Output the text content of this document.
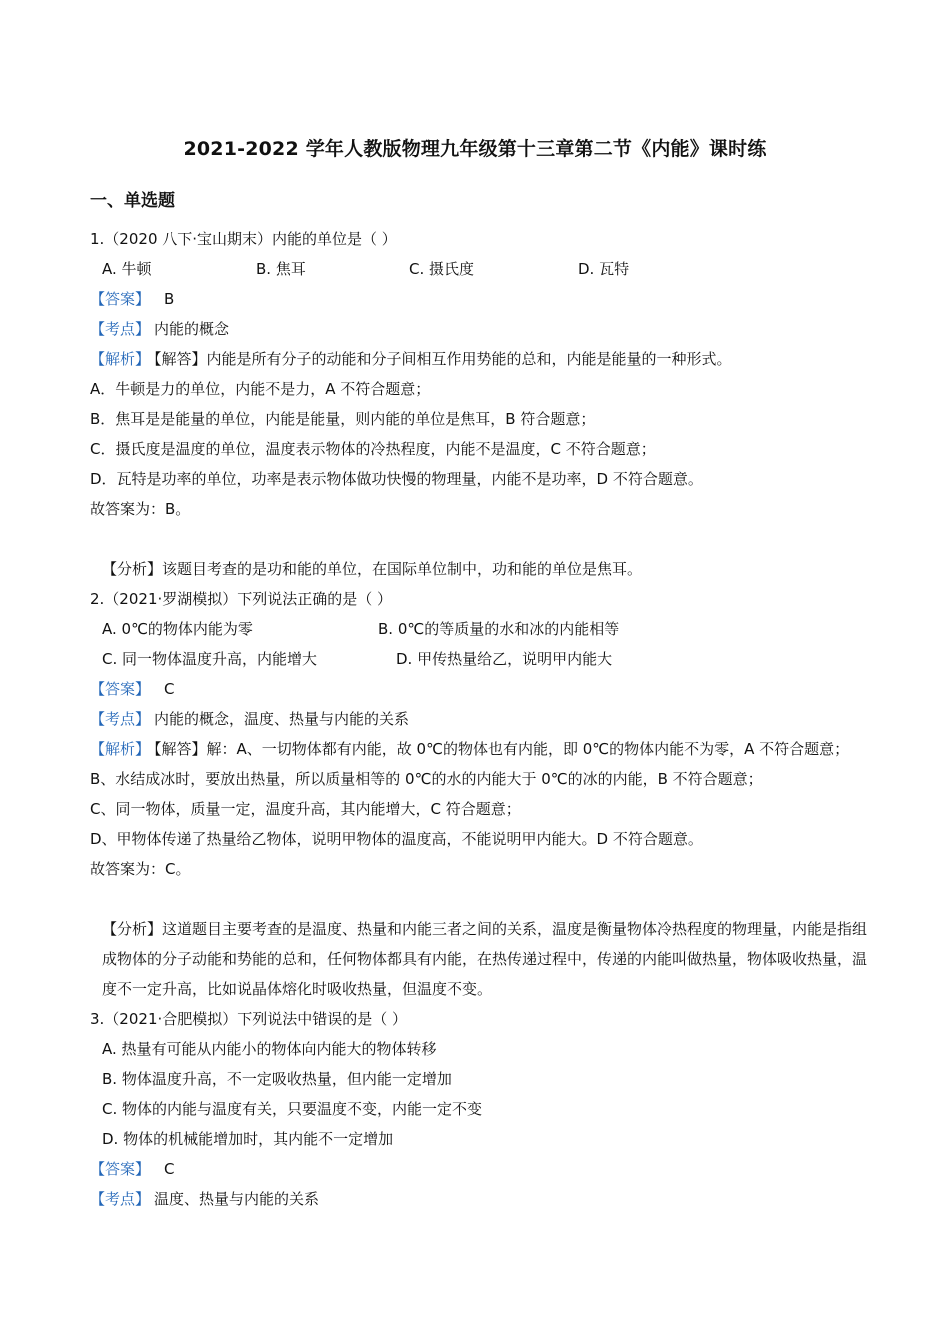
2021-2022 学年人教版物理九年级第十三章第二节《内能》课时练
一、单选题
1.（2020 八下·宝山期末）内能的单位是（ ）
A. 牛顿	B. 焦耳	C. 摄氏度	D. 瓦特
【答案】 B
【考点】 内能的概念
【解析】 【解答】内能是所有分子的动能和分子间相互作用势能的总和，内能是能量的一种形式。
A．牛顿是力的单位，内能不是力，A 不符合题意；
B．焦耳是是能量的单位，内能是能量，则内能的单位是焦耳，B 符合题意；
C．摄氏度是温度的单位，温度表示物体的冷热程度，内能不是温度，C 不符合题意；
D．瓦特是功率的单位，功率是表示物体做功快慢的物理量，内能不是功率，D 不符合题意。
故答案为：B。
【分析】该题目考查的是功和能的单位，在国际单位制中，功和能的单位是焦耳。
2.（2021·罗湖模拟）下列说法正确的是（ ）
A. 0℃的物体内能为零	B. 0℃的等质量的水和冰的内能相等
C. 同一物体温度升高，内能增大	D. 甲传热量给乙，说明甲内能大
【答案】 C
【考点】 内能的概念，温度、热量与内能的关系
【解析】 【解答】解：A、一切物体都有内能，故 0℃的物体也有内能，即 0℃的物体内能不为零，A 不符合题意；
B、水结成冰时，要放出热量，所以质量相等的 0℃的水的内能大于 0℃的冰的内能，B 不符合题意；
C、同一物体，质量一定，温度升高，其内能增大，C 符合题意；
D、甲物体传递了热量给乙物体，说明甲物体的温度高，不能说明甲内能大。D 不符合题意。
故答案为：C。
【分析】这道题目主要考查的是温度、热量和内能三者之间的关系，温度是衡量物体冷热程度的物理量，内能是指组成物体的分子动能和势能的总和，任何物体都具有内能，在热传递过程中，传递的内能叫做热量，物体吸收热量，温度不一定升高，比如说晶体熔化时吸收热量，但温度不变。
3.（2021·合肥模拟）下列说法中错误的是（ ）
A. 热量有可能从内能小的物体向内能大的物体转移
B. 物体温度升高，不一定吸收热量，但内能一定增加
C. 物体的内能与温度有关，只要温度不变，内能一定不变
D. 物体的机械能增加时，其内能不一定增加
【答案】 C
【考点】 温度、热量与内能的关系
